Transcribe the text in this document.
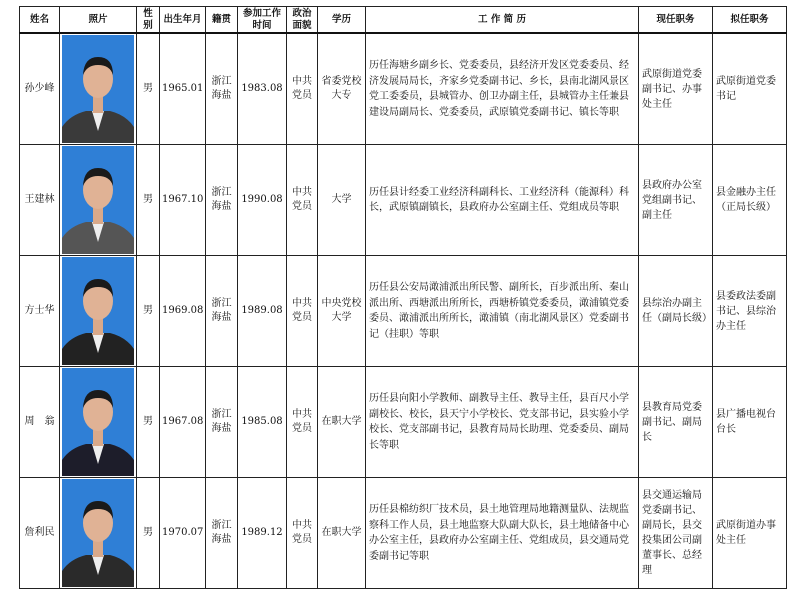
姓名	照片	性别	出生年月	籍贯	参加工作时间	政治面貌	学历	工 作 简 历	现任职务	拟任职务
孙少峰		男	1965.01	浙江海盐	1983.08	中共党员	省委党校大专	历任海塘乡副乡长、党委委员，县经济开发区党委委员、经济发展局局长，齐家乡党委副书记、乡长，县南北湖风景区党工委委员，县城管办、创卫办副主任，县城管办主任兼县建设局副局长、党委委员，武原镇党委副书记、镇长等职	武原街道党委副书记、办事处主任	武原街道党委书记
王建林		男	1967.10	浙江海盐	1990.08	中共党员	大学	历任县计经委工业经济科副科长、工业经济科（能源科）科长，武原镇副镇长，县政府办公室副主任、党组成员等职	县政府办公室党组副书记、副主任	县金融办主任（正局长级）
方士华		男	1969.08	浙江海盐	1989.08	中共党员	中央党校大学	历任县公安局澉浦派出所民警、副所长，百步派出所、秦山派出所、西塘派出所所长，西塘桥镇党委委员，澉浦镇党委委员、澉浦派出所所长，澉浦镇（南北湖风景区）党委副书记（挂职）等职	县综治办副主任（副局长级）	县委政法委副书记、县综治办主任
周　翁		男	1967.08	浙江海盐	1985.08	中共党员	在职大学	历任县向阳小学教师、副教导主任、教导主任，县百尺小学副校长、校长，县天宁小学校长、党支部书记，县实验小学校长、党支部副书记，县教育局局长助理、党委委员、副局长等职	县教育局党委副书记、副局长	县广播电视台台长
詹利民		男	1970.07	浙江海盐	1989.12	中共党员	在职大学	历任县棉纺织厂技术员，县土地管理局地籍测量队、法规监察科工作人员，县土地监察大队副大队长，县土地储备中心办公室主任，县政府办公室副主任、党组成员，县交通局党委副书记等职	县交通运输局党委副书记、副局长，县交投集团公司副董事长、总经理	武原街道办事处主任
